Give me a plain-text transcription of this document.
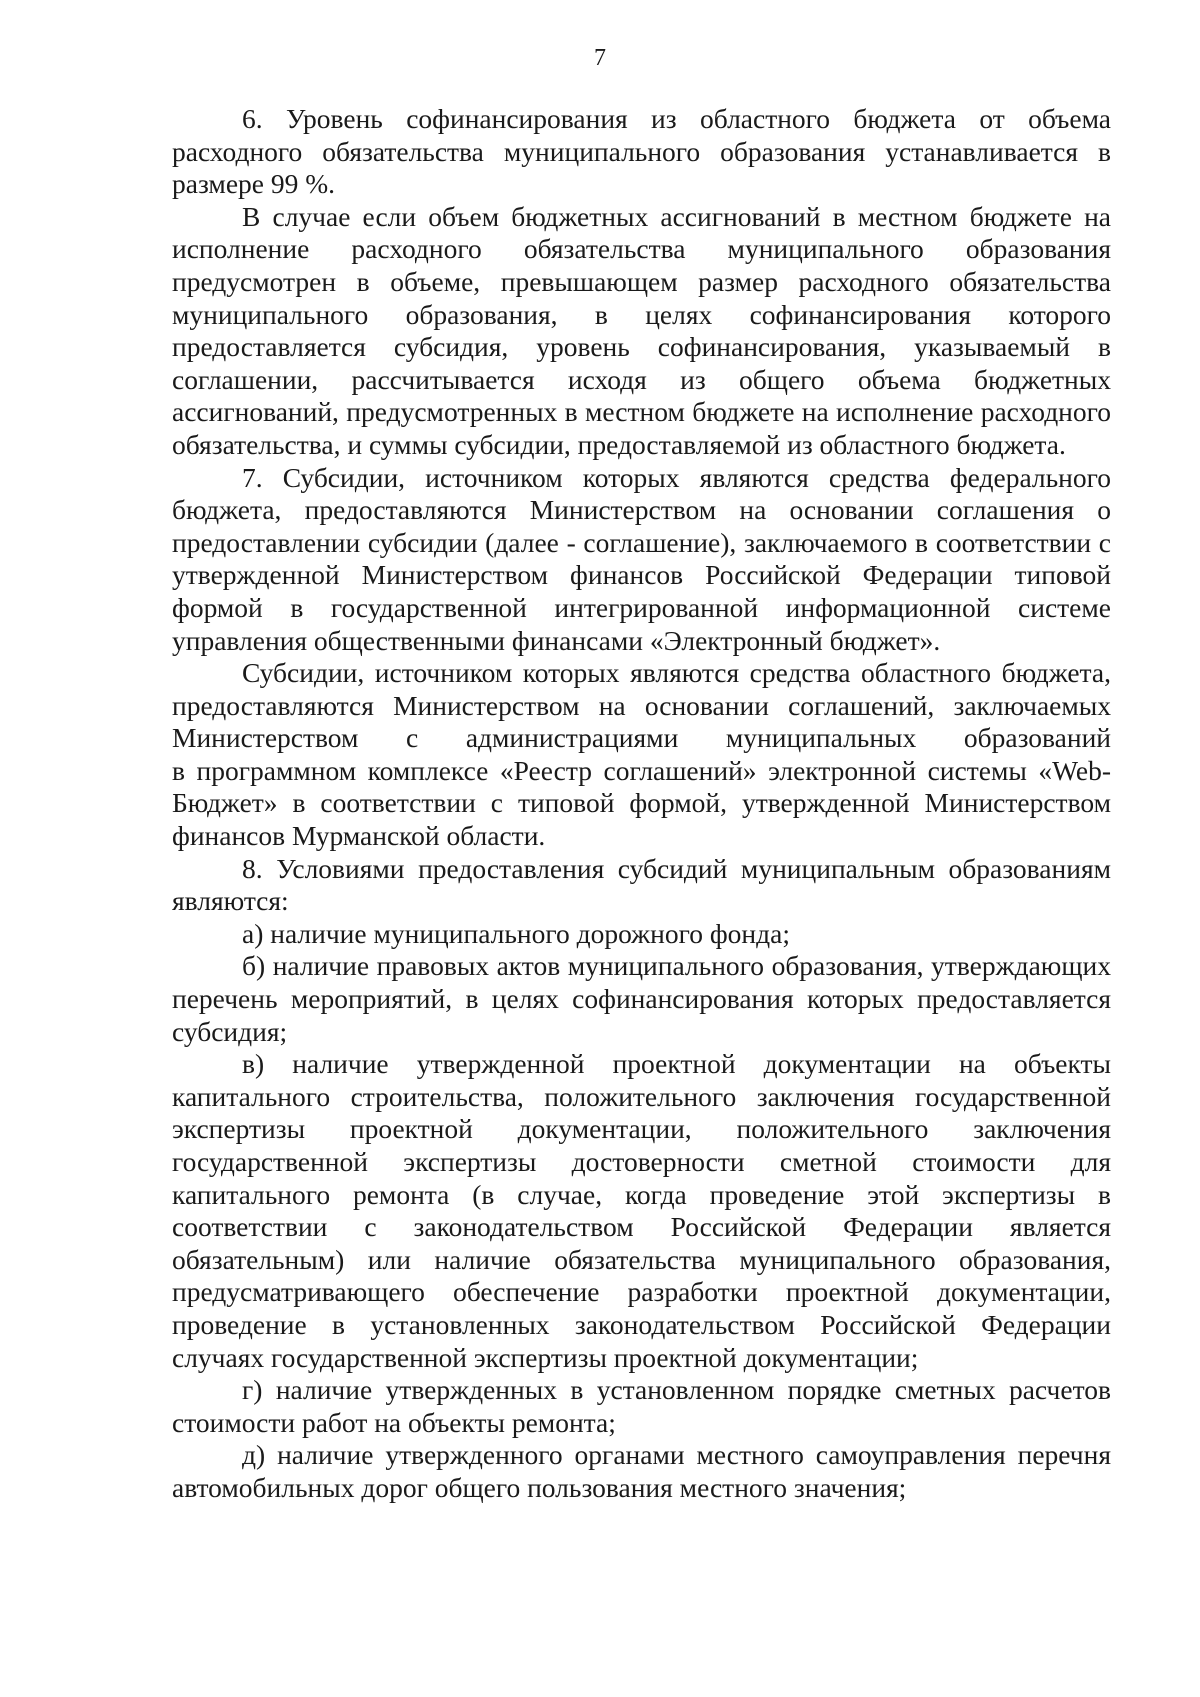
7

6. Уровень софинансирования из областного бюджета от объема расходного обязательства муниципального образования устанавливается в размере 99 %.

В случае если объем бюджетных ассигнований в местном бюджете на исполнение расходного обязательства муниципального образования предусмотрен в объеме, превышающем размер расходного обязательства муниципального образования, в целях софинансирования которого предоставляется субсидия, уровень софинансирования, указываемый в соглашении, рассчитывается исходя из общего объема бюджетных ассигнований, предусмотренных в местном бюджете на исполнение расходного обязательства, и суммы субсидии, предоставляемой из областного бюджета.

7. Субсидии, источником которых являются средства федерального бюджета, предоставляются Министерством на основании соглашения о предоставлении субсидии (далее - соглашение), заключаемого в соответствии с утвержденной Министерством финансов Российской Федерации типовой формой в государственной интегрированной информационной системе управления общественными финансами «Электронный бюджет».

Субсидии, источником которых являются средства областного бюджета, предоставляются Министерством на основании соглашений, заключаемых Министерством с администрациями муниципальных образований

в программном комплексе «Реестр соглашений» электронной системы «Web-Бюджет» в соответствии с типовой формой, утвержденной Министерством финансов Мурманской области.

8. Условиями предоставления субсидий муниципальным образованиям являются:

а) наличие муниципального дорожного фонда;

б) наличие правовых актов муниципального образования, утверждающих перечень мероприятий, в целях софинансирования которых предоставляется субсидия;

в) наличие утвержденной проектной документации на объекты капитального строительства, положительного заключения государственной экспертизы проектной документации, положительного заключения государственной экспертизы достоверности сметной стоимости для капитального ремонта (в случае, когда проведение этой экспертизы в соответствии с законодательством Российской Федерации является обязательным) или наличие обязательства муниципального образования, предусматривающего обеспечение разработки проектной документации, проведение в установленных законодательством Российской Федерации случаях государственной экспертизы проектной документации;

г) наличие утвержденных в установленном порядке сметных расчетов стоимости работ на объекты ремонта;

д) наличие утвержденного органами местного самоуправления перечня автомобильных дорог общего пользования местного значения;
